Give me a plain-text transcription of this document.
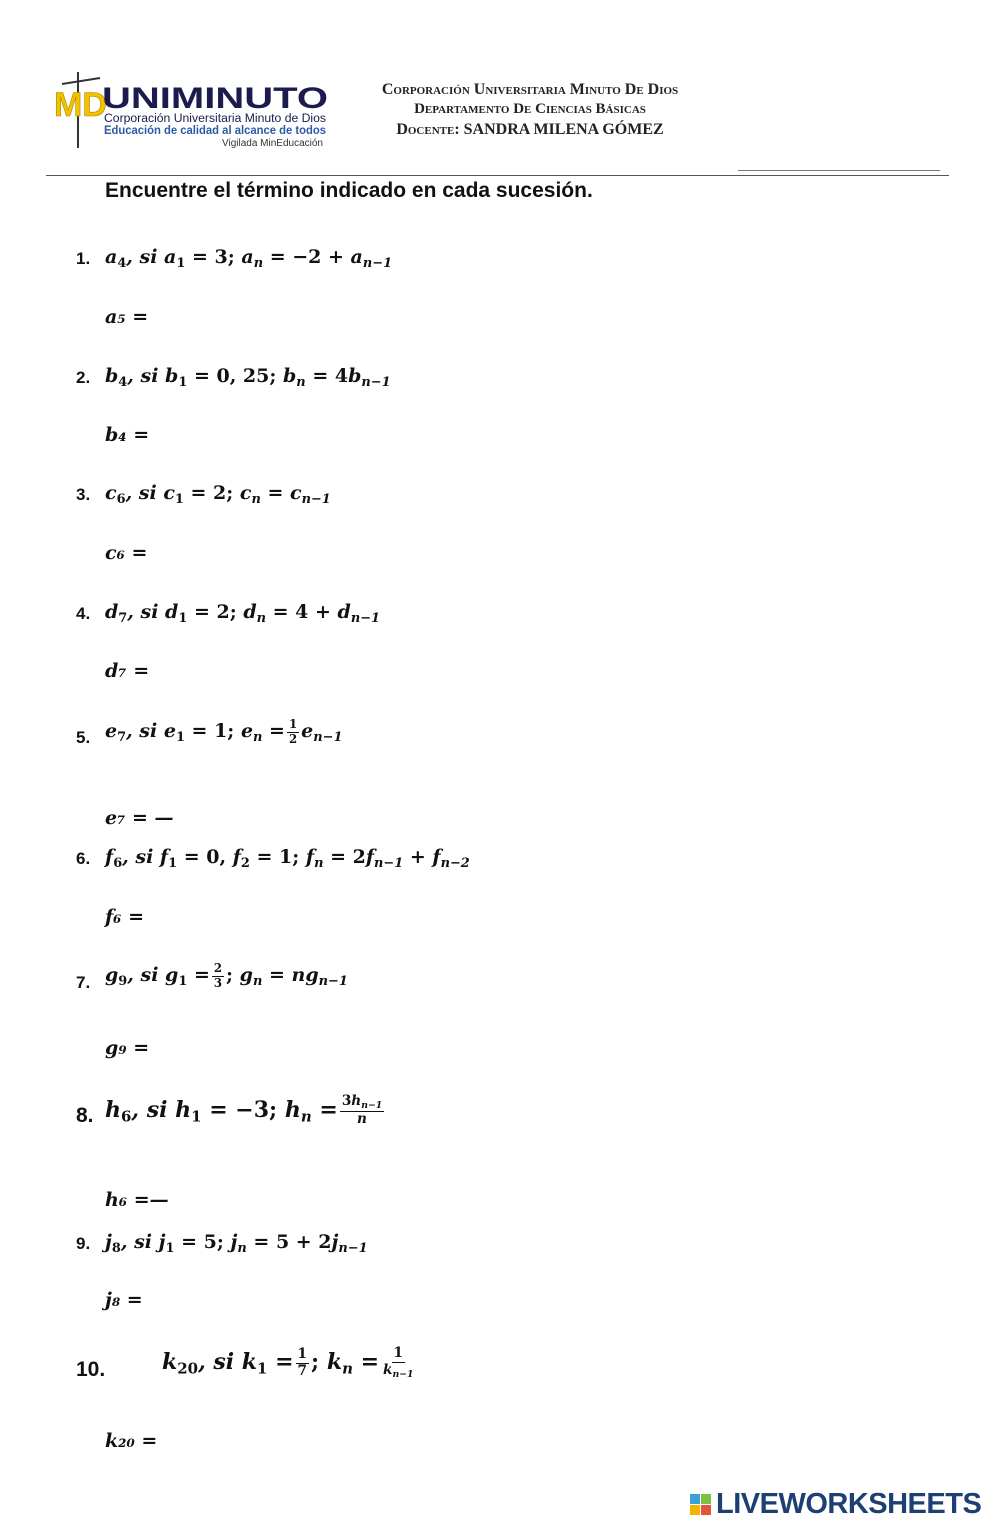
MD
UNIMINUTO
Corporación Universitaria Minuto de Dios
Educación de calidad al alcance de todos
Vigilada MinEducación
Corporación Universitaria Minuto De Dios
Departamento De Ciencias Básicas
Docente: SANDRA MILENA GÓMEZ
Encuentre el término indicado en cada sucesión.
1. $a_4$, si $a_1 = 3$; $a_n = -2 + a_{n-1}$
a₅ =
2. $b_4$, si $b_1 = 0$, 25; $b_n = 4b_{n-1}$
b₄ =
3. $c_6$, si $c_1 = 2$; $c_n = c_{n-1}$
c₆ =
4. $d_7$, si $d_1 = 2$; $d_n = 4 + d_{n-1}$
d₇ =
5. $e_7$, si $e_1 = 1$; $e_n = \frac{1}{2} e_{n-1}$
e₇ = —
6. $f_6$, si $f_1 = 0$, $f_2 = 1$; $f_n = 2f_{n-1} + f_{n-2}$
f₆ =
7. $g_9$, si $g_1 = \frac{2}{3}$ ; $g_n = ng_{n-1}$
g₉ =
8. $h_6$, si $h_1 = -3$; $h_n = \frac{3h_{n-1}}{n}$
h₆ =—
9. $j_8$, si $j_1 = 5$; $j_n = 5 + 2j_{n-1}$
j₈ =
10.	$k_{20}$, si $k_1 = \frac{1}{7}$ ; $k_n = \frac{1}{k_{n-1}}$
k₂₀ =
LIVEWORKSHEETS
